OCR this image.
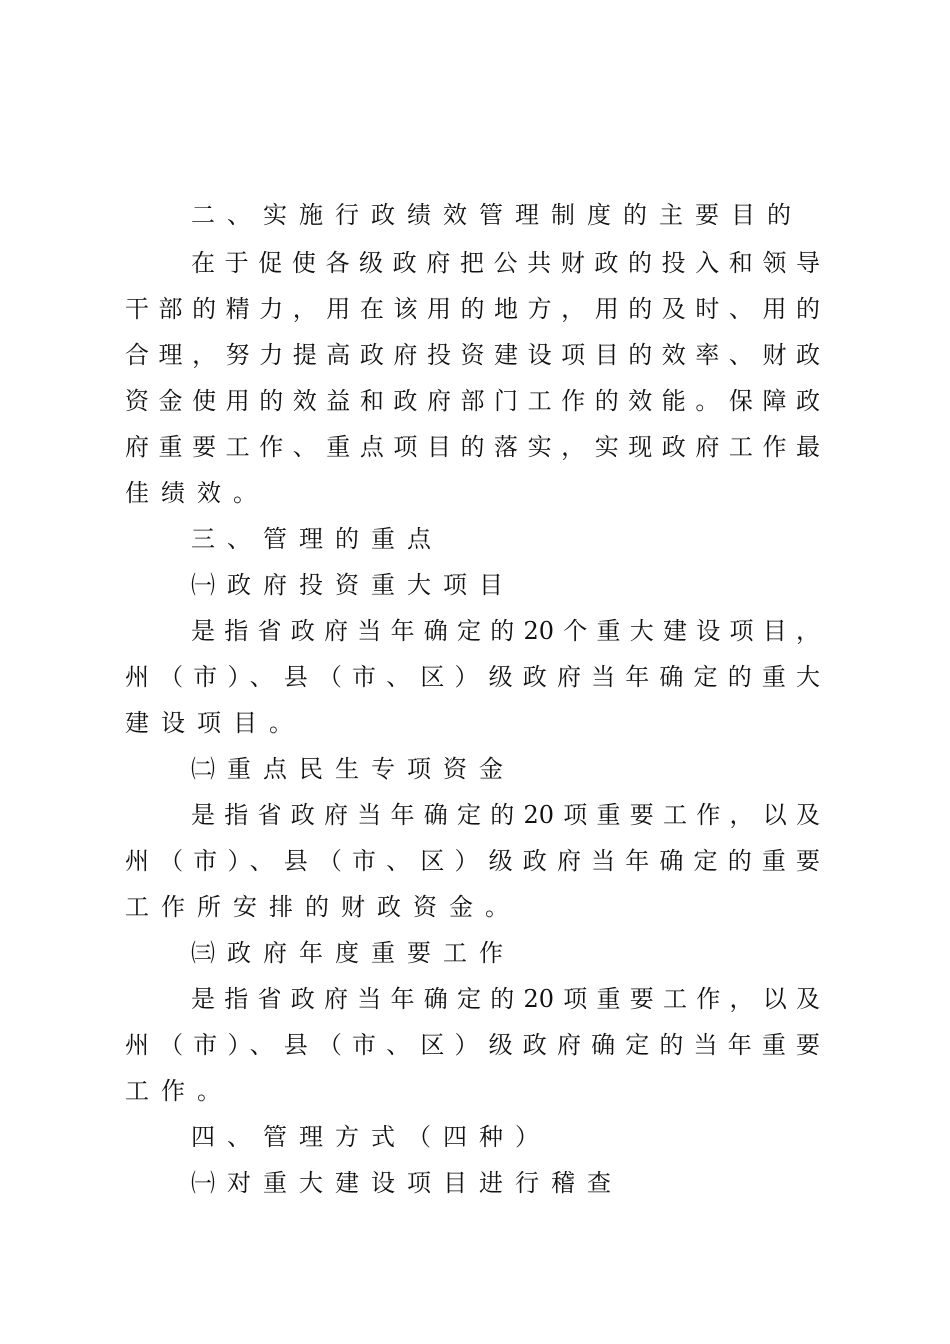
二、实施行政绩效管理制度的主要目的

在于促使各级政府把公共财政的投入和领导

干部的精力，用在该用的地方，用的及时、用的

合理，努力提高政府投资建设项目的效率、财政

资金使用的效益和政府部门工作的效能。保障政

府重要工作、重点项目的落实，实现政府工作最

佳绩效。

三、管理的重点

㈠政府投资重大项目

是指省政府当年确定的20个重大建设项目，

州（市）、县（市、区）级政府当年确定的重大

建设项目。

㈡重点民生专项资金

是指省政府当年确定的20项重要工作，以及

州（市）、县（市、区）级政府当年确定的重要

工作所安排的财政资金。

㈢政府年度重要工作

是指省政府当年确定的20项重要工作，以及

州（市）、县（市、区）级政府确定的当年重要

工作。

四、管理方式（四种）

㈠对重大建设项目进行稽查
